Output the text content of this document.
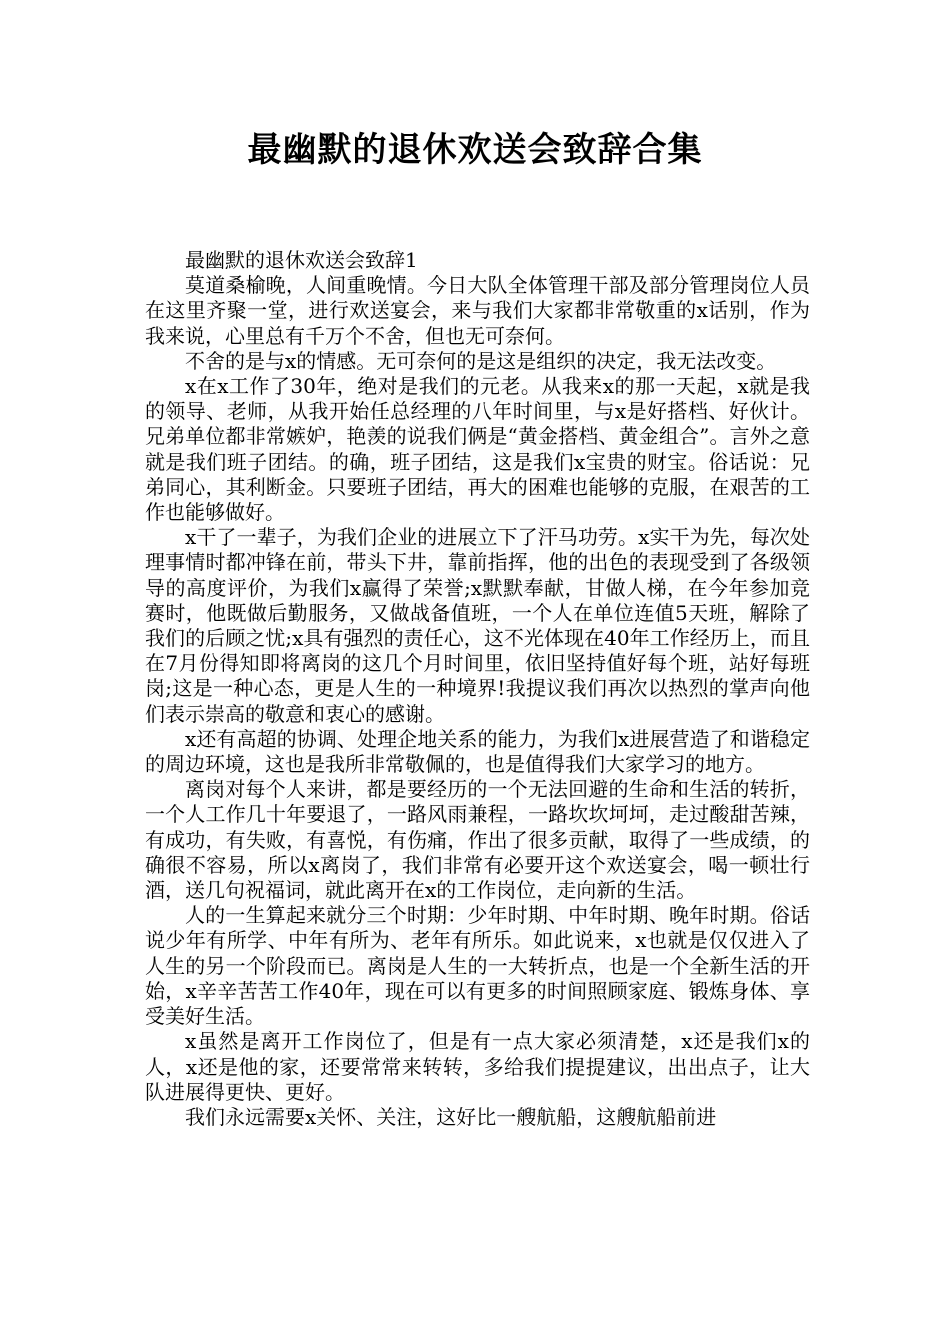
最幽默的退休欢送会致辞合集

最幽默的退休欢送会致辞1

莫道桑榆晚，人间重晚情。今日大队全体管理干部及部分管理岗位人员在这里齐聚一堂，进行欢送宴会，来与我们大家都非常敬重的x话别，作为我来说，心里总有千万个不舍，但也无可奈何。

不舍的是与x的情感。无可奈何的是这是组织的决定，我无法改变。

x在x工作了30年，绝对是我们的元老。从我来x的那一天起，x就是我的领导、老师，从我开始任总经理的八年时间里，与x是好搭档、好伙计。兄弟单位都非常嫉妒，艳羡的说我们俩是“黄金搭档、黄金组合”。言外之意就是我们班子团结。的确，班子团结，这是我们x宝贵的财宝。俗话说：兄弟同心，其利断金。只要班子团结，再大的困难也能够的克服，在艰苦的工作也能够做好。

x干了一辈子，为我们企业的进展立下了汗马功劳。x实干为先，每次处理事情时都冲锋在前，带头下井，靠前指挥，他的出色的表现受到了各级领导的高度评价，为我们x赢得了荣誉;x默默奉献，甘做人梯，在今年参加竞赛时，他既做后勤服务，又做战备值班，一个人在单位连值5天班，解除了我们的后顾之忧;x具有强烈的责任心，这不光体现在40年工作经历上，而且在7月份得知即将离岗的这几个月时间里，依旧坚持值好每个班，站好每班岗;这是一种心态，更是人生的一种境界!我提议我们再次以热烈的掌声向他们表示崇高的敬意和衷心的感谢。

x还有高超的协调、处理企地关系的能力，为我们x进展营造了和谐稳定的周边环境，这也是我所非常敬佩的，也是值得我们大家学习的地方。

离岗对每个人来讲，都是要经历的一个无法回避的生命和生活的转折，一个人工作几十年要退了，一路风雨兼程，一路坎坎坷坷，走过酸甜苦辣，有成功，有失败，有喜悦，有伤痛，作出了很多贡献，取得了一些成绩，的确很不容易，所以x离岗了，我们非常有必要开这个欢送宴会，喝一顿壮行酒，送几句祝福词，就此离开在x的工作岗位，走向新的生活。

人的一生算起来就分三个时期：少年时期、中年时期、晚年时期。俗话说少年有所学、中年有所为、老年有所乐。如此说来，x也就是仅仅进入了人生的另一个阶段而已。离岗是人生的一大转折点，也是一个全新生活的开始，x辛辛苦苦工作40年，现在可以有更多的时间照顾家庭、锻炼身体、享受美好生活。

x虽然是离开工作岗位了，但是有一点大家必须清楚，x还是我们x的人，x还是他的家，还要常常来转转，多给我们提提建议，出出点子，让大队进展得更快、更好。

我们永远需要x关怀、关注，这好比一艘航船，这艘航船前进
